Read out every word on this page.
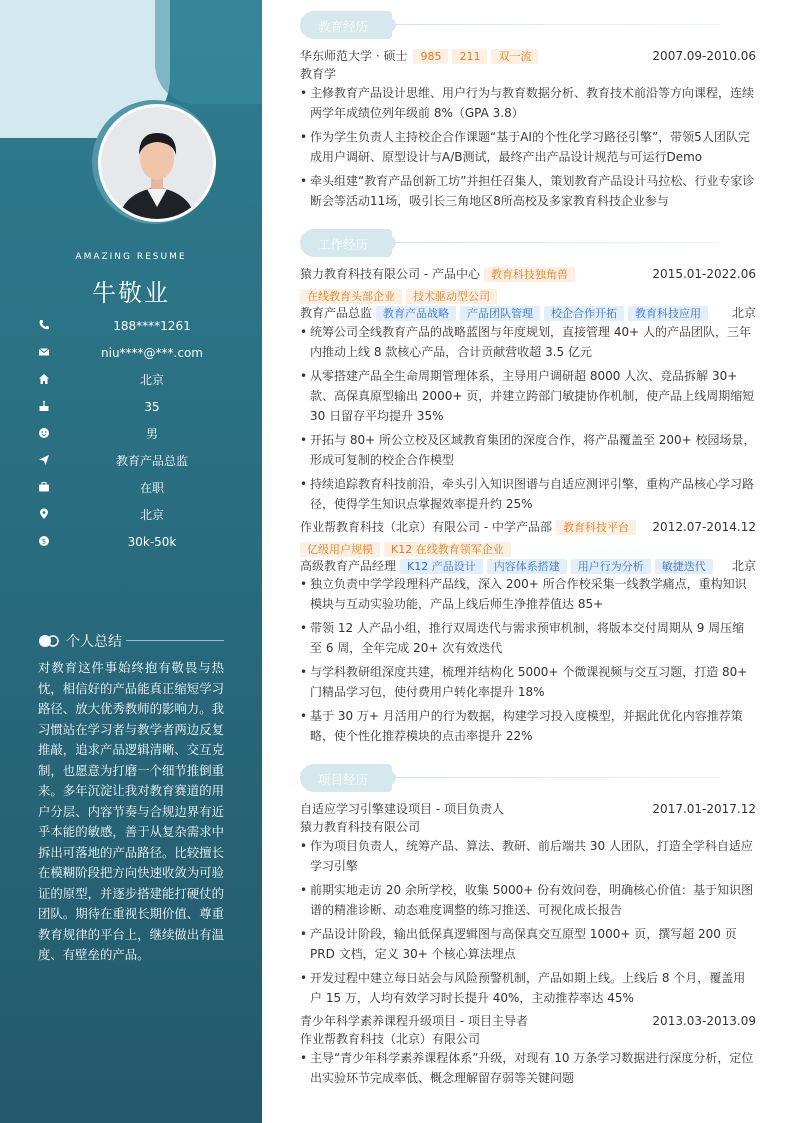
AMAZING RESUME
牛敬业
188****1261
niu****@***.com
北京
35
男
教育产品总监
在职
北京
$	30k-50k
个人总结
对教育这件事始终抱有敬畏与热忱，相信好的产品能真正缩短学习路径、放大优秀教师的影响力。我习惯站在学习者与教学者两边反复推敲，追求产品逻辑清晰、交互克制，也愿意为打磨一个细节推倒重来。多年沉淀让我对教育赛道的用户分层、内容节奏与合规边界有近乎本能的敏感，善于从复杂需求中拆出可落地的产品路径。比较擅长在模糊阶段把方向快速收敛为可验证的原型，并逐步搭建能打硬仗的团队。期待在重视长期价值、尊重教育规律的平台上，继续做出有温度、有壁垒的产品。
教育经历
华东师范大学 · 硕士 985 211 双一流	2007.09-2010.06
教育学
• 主修教育产品设计思维、用户行为与教育数据分析、教育技术前沿等方向课程，连续两学年成绩位列年级前 8%（GPA 3.8）
• 作为学生负责人主持校企合作课题“基于AI的个性化学习路径引擎”，带领5人团队完成用户调研、原型设计与A/B测试，最终产出产品设计规范与可运行Demo
• 牵头组建“教育产品创新工坊”并担任召集人，策划教育产品设计马拉松、行业专家诊断会等活动11场，吸引长三角地区8所高校及多家教育科技企业参与
工作经历
猿力教育科技有限公司 - 产品中心 教育科技独角兽	2015.01-2022.06
在线教育头部企业 技术驱动型公司
教育产品总监 教育产品战略 产品团队管理 校企合作开拓 教育科技应用	北京
• 统筹公司全线教育产品的战略蓝图与年度规划，直接管理 40+ 人的产品团队，三年内推动上线 8 款核心产品，合计贡献营收超 3.5 亿元
• 从零搭建产品全生命周期管理体系，主导用户调研超 8000 人次、竞品拆解 30+ 款、高保真原型输出 2000+ 页，并建立跨部门敏捷协作机制，使产品上线周期缩短 30 日留存平均提升 35%
• 开拓与 80+ 所公立校及区域教育集团的深度合作，将产品覆盖至 200+ 校园场景，形成可复制的校企合作模型
• 持续追踪教育科技前沿，牵头引入知识图谱与自适应测评引擎，重构产品核心学习路径，使得学生知识点掌握效率提升约 25%
作业帮教育科技（北京）有限公司 - 中学产品部 教育科技平台 2012.07-2014.12
亿级用户规模 K12 在线教育领军企业
高级教育产品经理 K12 产品设计 内容体系搭建 用户行为分析 敏捷迭代 北京
• 独立负责中学学段理科产品线，深入 200+ 所合作校采集一线教学痛点，重构知识模块与互动实验功能，产品上线后师生净推荐值达 85+
• 带领 12 人产品小组，推行双周迭代与需求预审机制，将版本交付周期从 9 周压缩至 6 周，全年完成 20+ 次有效迭代
• 与学科教研组深度共建，梳理并结构化 5000+ 个微课视频与交互习题，打造 80+ 门精品学习包，使付费用户转化率提升 18%
• 基于 30 万+ 月活用户的行为数据，构建学习投入度模型，并据此优化内容推荐策略，使个性化推荐模块的点击率提升 22%
项目经历
自适应学习引擎建设项目 - 项目负责人	2017.01-2017.12
猿力教育科技有限公司
• 作为项目负责人，统筹产品、算法、教研、前后端共 30 人团队，打造全学科自适应学习引擎
• 前期实地走访 20 余所学校，收集 5000+ 份有效问卷，明确核心价值：基于知识图谱的精准诊断、动态难度调整的练习推送、可视化成长报告
• 产品设计阶段，输出低保真逻辑图与高保真交互原型 1000+ 页，撰写超 200 页 PRD 文档，定义 30+ 个核心算法埋点
• 开发过程中建立每日站会与风险预警机制，产品如期上线。上线后 8 个月，覆盖用户 15 万，人均有效学习时长提升 40%，主动推荐率达 45%
青少年科学素养课程升级项目 - 项目主导者	2013.03-2013.09
作业帮教育科技（北京）有限公司
• 主导“青少年科学素养课程体系”升级，对现有 10 万条学习数据进行深度分析，定位出实验环节完成率低、概念理解留存弱等关键问题
